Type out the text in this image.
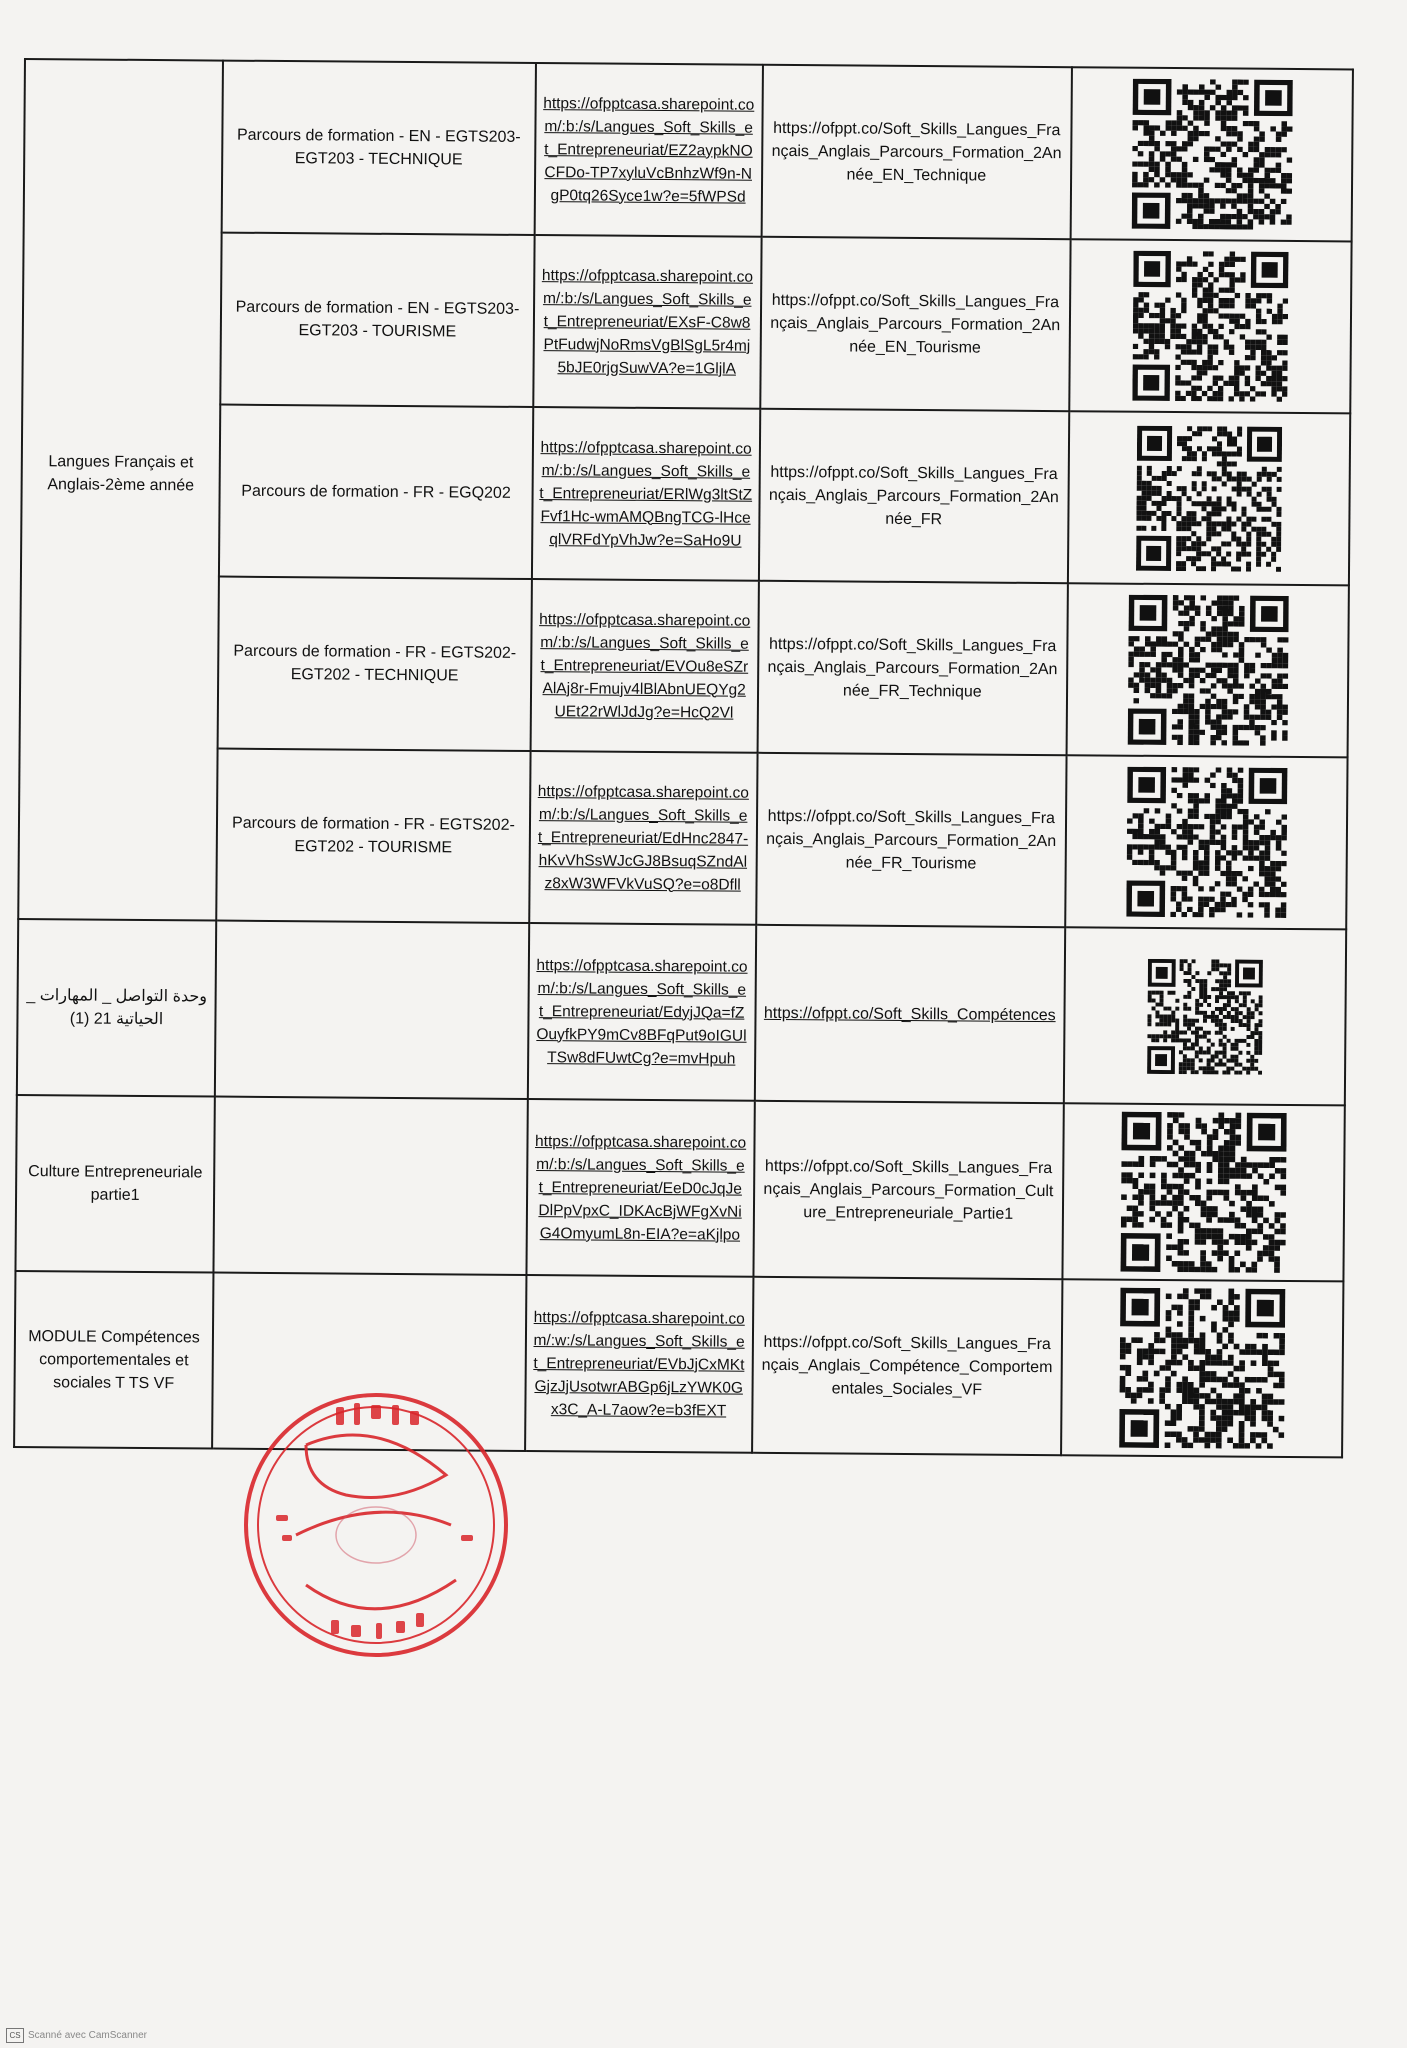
Langues Français et Anglais-2ème année	Parcours de formation - EN - EGTS203-EGT203 - TECHNIQUE	https://ofpptcasa.sharepoint.com/:b:/s/Langues_Soft_Skills_et_Entrepreneuriat/EZ2aypkNOCFDo-TP7xyluVcBnhzWf9n-NgP0tq26Syce1w?e=5fWPSd	https://ofppt.co/Soft_Skills_Langues_Français_Anglais_Parcours_Formation_2Année_EN_Technique	

	Parcours de formation - EN - EGTS203-EGT203 - TOURISME	https://ofpptcasa.sharepoint.com/:b:/s/Langues_Soft_Skills_et_Entrepreneuriat/EXsF-C8w8PtFudwjNoRmsVgBlSgL5r4mj5bJE0rjgSuwVA?e=1GljlA	https://ofppt.co/Soft_Skills_Langues_Français_Anglais_Parcours_Formation_2Année_EN_Tourisme	

	Parcours de formation - FR - EGQ202	https://ofpptcasa.sharepoint.com/:b:/s/Langues_Soft_Skills_et_Entrepreneuriat/ERlWg3ltStZFvf1Hc-wmAMQBngTCG-lHceqlVRFdYpVhJw?e=SaHo9U	https://ofppt.co/Soft_Skills_Langues_Français_Anglais_Parcours_Formation_2Année_FR	

	Parcours de formation - FR - EGTS202-EGT202 - TECHNIQUE	https://ofpptcasa.sharepoint.com/:b:/s/Langues_Soft_Skills_et_Entrepreneuriat/EVOu8eSZrAlAj8r-Fmujv4lBlAbnUEQYg2UEt22rWlJdJg?e=HcQ2Vl	https://ofppt.co/Soft_Skills_Langues_Français_Anglais_Parcours_Formation_2Année_FR_Technique	

	Parcours de formation - FR - EGTS202-EGT202 - TOURISME	https://ofpptcasa.sharepoint.com/:b:/s/Langues_Soft_Skills_et_Entrepreneuriat/EdHnc2847-hKvVhSsWJcGJ8BsuqSZndAlz8xW3WFVkVuSQ?e=o8Dfll	https://ofppt.co/Soft_Skills_Langues_Français_Anglais_Parcours_Formation_2Année_FR_Tourisme	

وحدة التواصل _ المهارات _ الحياتية 21 (1)		https://ofpptcasa.sharepoint.com/:b:/s/Langues_Soft_Skills_et_Entrepreneuriat/EdyjJQa=fZOuyfkPY9mCv8BFqPut9oIGUlTSw8dFUwtCg?e=mvHpuh	https://ofppt.co/Soft_Skills_Compétences	

Culture Entrepreneuriale partie1		https://ofpptcasa.sharepoint.com/:b:/s/Langues_Soft_Skills_et_Entrepreneuriat/EeD0cJqJeDlPpVpxC_IDKAcBjWFgXvNiG4OmyumL8n-EIA?e=aKjlpo	https://ofppt.co/Soft_Skills_Langues_Français_Anglais_Parcours_Formation_Culture_Entrepreneuriale_Partie1	

MODULE Compétences comportementales et sociales T TS VF		https://ofpptcasa.sharepoint.com/:w:/s/Langues_Soft_Skills_et_Entrepreneuriat/EVbJjCxMKtGjzJjUsotwrABGp6jLzYWK0Gx3C_A-L7aow?e=b3fEXT	https://ofppt.co/Soft_Skills_Langues_Français_Anglais_Compétence_Comportementales_Sociales_VF	
CS Scanné avec CamScanner
